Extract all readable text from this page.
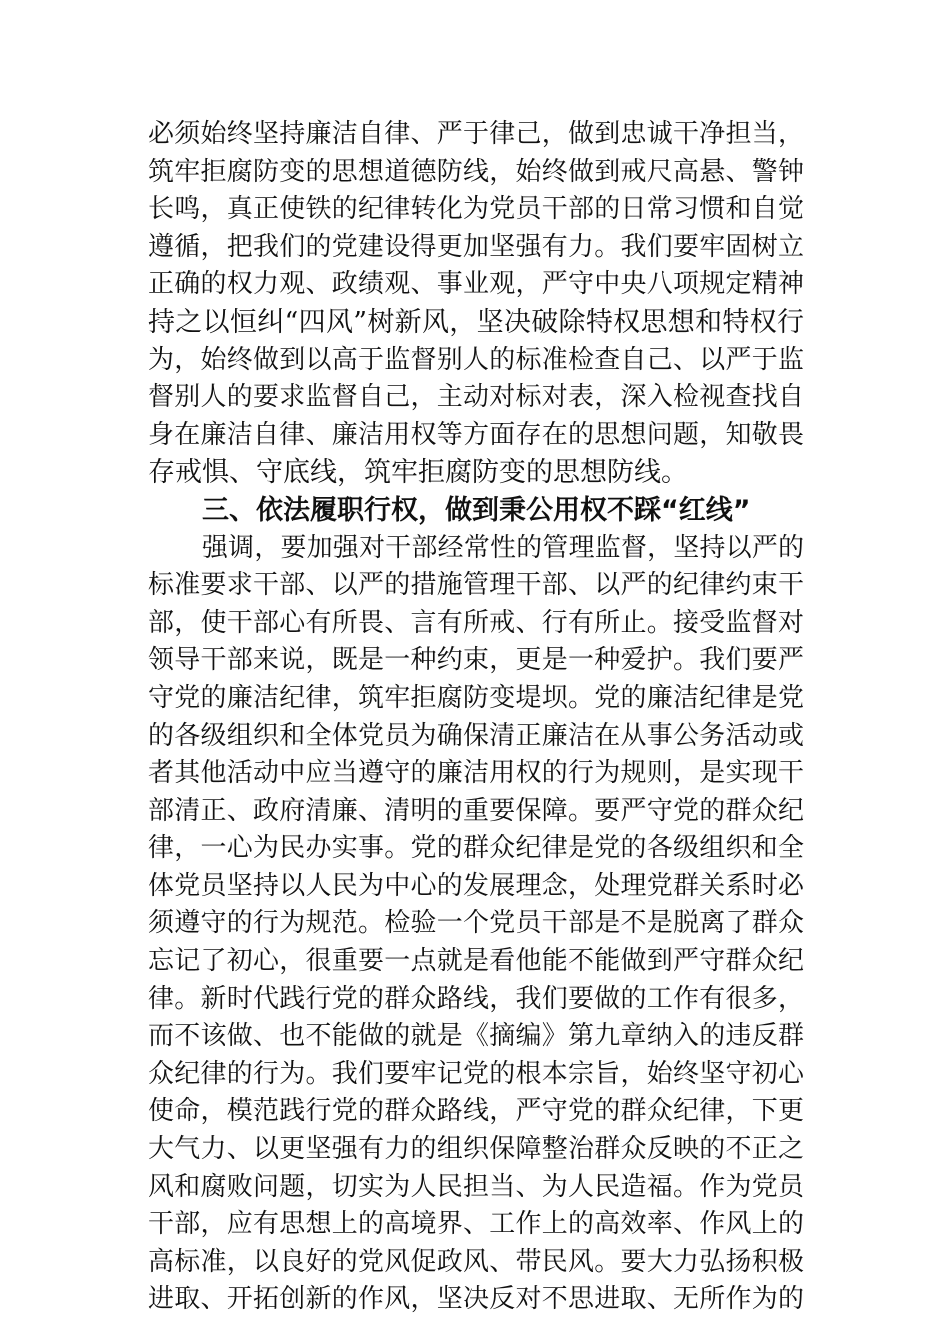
必须始终坚持廉洁自律、严于律己，做到忠诚干净担当，
筑牢拒腐防变的思想道德防线，始终做到戒尺高悬、警钟
长鸣，真正使铁的纪律转化为党员干部的日常习惯和自觉
遵循，把我们的党建设得更加坚强有力。我们要牢固树立
正确的权力观、政绩观、事业观，严守中央八项规定精神
持之以恒纠“四风”树新风，坚决破除特权思想和特权行
为，始终做到以高于监督别人的标准检查自己、以严于监
督别人的要求监督自己，主动对标对表，深入检视查找自
身在廉洁自律、廉洁用权等方面存在的思想问题，知敬畏
存戒惧、守底线，筑牢拒腐防变的思想防线。
三、依法履职行权，做到秉公用权不踩“红线”
强调，要加强对干部经常性的管理监督，坚持以严的
标准要求干部、以严的措施管理干部、以严的纪律约束干
部，使干部心有所畏、言有所戒、行有所止。接受监督对
领导干部来说，既是一种约束，更是一种爱护。我们要严
守党的廉洁纪律，筑牢拒腐防变堤坝。党的廉洁纪律是党
的各级组织和全体党员为确保清正廉洁在从事公务活动或
者其他活动中应当遵守的廉洁用权的行为规则，是实现干
部清正、政府清廉、清明的重要保障。要严守党的群众纪
律，一心为民办实事。党的群众纪律是党的各级组织和全
体党员坚持以人民为中心的发展理念，处理党群关系时必
须遵守的行为规范。检验一个党员干部是不是脱离了群众
忘记了初心，很重要一点就是看他能不能做到严守群众纪
律。新时代践行党的群众路线，我们要做的工作有很多，
而不该做、也不能做的就是《摘编》第九章纳入的违反群
众纪律的行为。我们要牢记党的根本宗旨，始终坚守初心
使命，模范践行党的群众路线，严守党的群众纪律，下更
大气力、以更坚强有力的组织保障整治群众反映的不正之
风和腐败问题，切实为人民担当、为人民造福。作为党员
干部，应有思想上的高境界、工作上的高效率、作风上的
高标准，以良好的党风促政风、带民风。要大力弘扬积极
进取、开拓创新的作风，坚决反对不思进取、无所作为的
